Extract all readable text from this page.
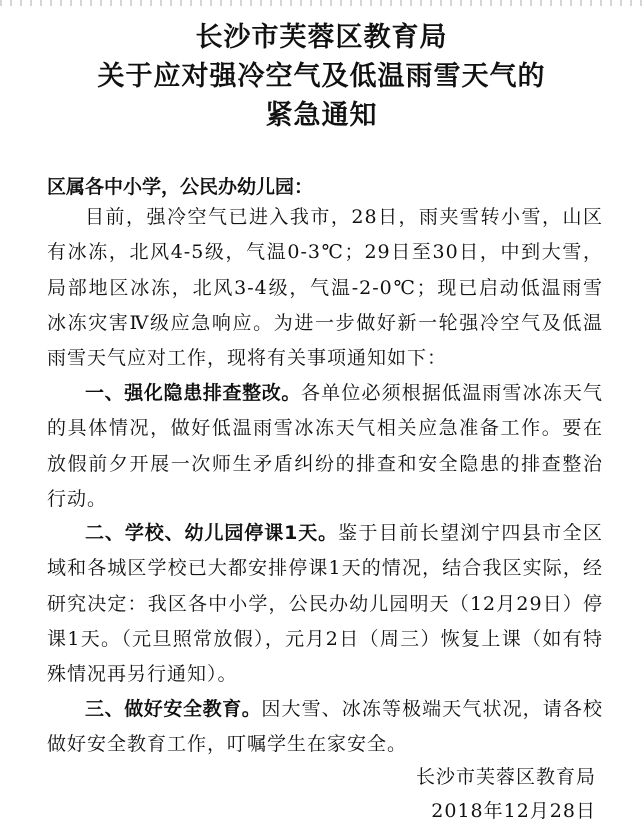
长沙市芙蓉区教育局
关于应对强冷空气及低温雨雪天气的
紧急通知
区属各中小学，公民办幼儿园：
目前，强冷空气已进入我市，28日，雨夹雪转小雪，山区有冰冻，北风4-5级，气温0-3℃；29日至30日，中到大雪，局部地区冰冻，北风3-4级，气温-2-0℃；现已启动低温雨雪冰冻灾害Ⅳ级应急响应。为进一步做好新一轮强冷空气及低温雨雪天气应对工作，现将有关事项通知如下：
一、强化隐患排查整改。各单位必须根据低温雨雪冰冻天气的具体情况，做好低温雨雪冰冻天气相关应急准备工作。要在放假前夕开展一次师生矛盾纠纷的排查和安全隐患的排查整治行动。
二、学校、幼儿园停课1天。鉴于目前长望浏宁四县市全区域和各城区学校已大都安排停课1天的情况，结合我区实际，经研究决定：我区各中小学，公民办幼儿园明天（12月29日）停课1天。（元旦照常放假），元月2日（周三）恢复上课（如有特殊情况再另行通知）。
三、做好安全教育。因大雪、冰冻等极端天气状况，请各校做好安全教育工作，叮嘱学生在家安全。
长沙市芙蓉区教育局
2018年12月28日
